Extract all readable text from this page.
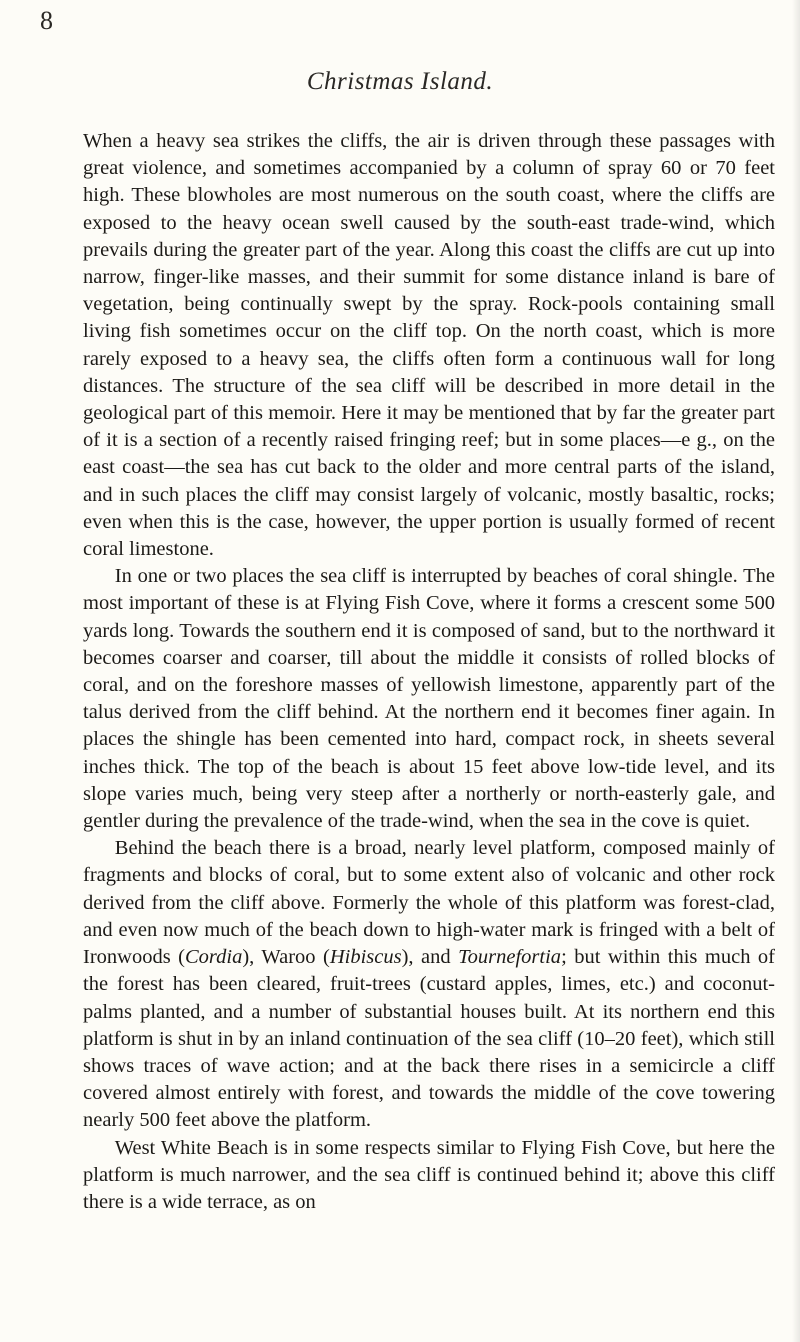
8
Christmas Island.

When a heavy sea strikes the cliffs, the air is driven through these passages with great violence, and sometimes accompanied by a column of spray 60 or 70 feet high. These blowholes are most numerous on the south coast, where the cliffs are exposed to the heavy ocean swell caused by the south-east trade-wind, which prevails during the greater part of the year. Along this coast the cliffs are cut up into narrow, finger-like masses, and their summit for some distance inland is bare of vegetation, being continually swept by the spray. Rock-pools containing small living fish sometimes occur on the cliff top. On the north coast, which is more rarely exposed to a heavy sea, the cliffs often form a continuous wall for long distances. The structure of the sea cliff will be described in more detail in the geological part of this memoir. Here it may be mentioned that by far the greater part of it is a section of a recently raised fringing reef; but in some places—e g., on the east coast—the sea has cut back to the older and more central parts of the island, and in such places the cliff may consist largely of volcanic, mostly basaltic, rocks; even when this is the case, however, the upper portion is usually formed of recent coral limestone.

In one or two places the sea cliff is interrupted by beaches of coral shingle. The most important of these is at Flying Fish Cove, where it forms a crescent some 500 yards long. Towards the southern end it is composed of sand, but to the northward it becomes coarser and coarser, till about the middle it consists of rolled blocks of coral, and on the foreshore masses of yellowish limestone, apparently part of the talus derived from the cliff behind. At the northern end it becomes finer again. In places the shingle has been cemented into hard, compact rock, in sheets several inches thick. The top of the beach is about 15 feet above low-tide level, and its slope varies much, being very steep after a northerly or north-easterly gale, and gentler during the prevalence of the trade-wind, when the sea in the cove is quiet.

Behind the beach there is a broad, nearly level platform, composed mainly of fragments and blocks of coral, but to some extent also of volcanic and other rock derived from the cliff above. Formerly the whole of this platform was forest-clad, and even now much of the beach down to high-water mark is fringed with a belt of Ironwoods (Cordia), Waroo (Hibiscus), and Tournefortia; but within this much of the forest has been cleared, fruit-trees (custard apples, limes, etc.) and coconut-palms planted, and a number of substantial houses built. At its northern end this platform is shut in by an inland continuation of the sea cliff (10–20 feet), which still shows traces of wave action; and at the back there rises in a semicircle a cliff covered almost entirely with forest, and towards the middle of the cove towering nearly 500 feet above the platform.

West White Beach is in some respects similar to Flying Fish Cove, but here the platform is much narrower, and the sea cliff is continued behind it; above this cliff there is a wide terrace, as on
